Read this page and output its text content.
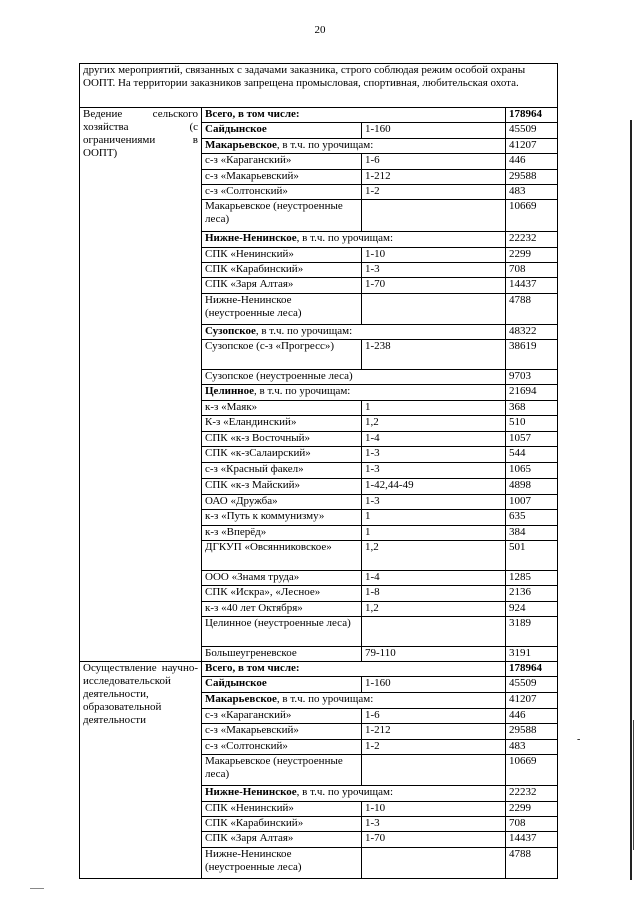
20
других мероприятий, связанных с задачами заказника, строго соблюдая режим особой охраны ООПТ. На территории заказников запрещена промысловая, спортивная, любительская охота.			
Ведение сельского хозяйства (с ограничениями в ООПТ)	Всего, в том числе:		178964
	Сайдынское	1-160	45509
	Макарьевское, в т.ч. по урочищам:		41207
	с-з «Караганский»	1-6	446
	с-з «Макарьевский»	1-212	29588
	с-з «Солтонский»	1-2	483
	Макарьевское (неустроенные леса)		10669
	Нижне-Ненинское, в т.ч. по урочищам:		22232
	СПК «Ненинский»	1-10	2299
	СПК «Карабинский»	1-3	708
	СПК «Заря Алтая»	1-70	14437
	Нижне-Ненинское (неустроенные леса)		4788
	Сузопское, в т.ч. по урочищам:		48322
	Сузопское (с-з «Прогресс»)	1-238	38619
	Сузопское (неустроенные леса)		9703
	Целинное, в т.ч. по урочищам:		21694
	к-з «Маяк»	1	368
	К-з «Еландинский»	1,2	510
	СПК «к-з Восточный»	1-4	1057
	СПК «к-зСалаирский»	1-3	544
	с-з «Красный факел»	1-3	1065
	СПК «к-з Майский»	1-42,44-49	4898
	ОАО «Дружба»	1-3	1007
	к-з «Путь к коммунизму»	1	635
	к-з «Вперёд»	1	384
	ДГКУП «Овсянниковское»	1,2	501
	ООО «Знамя труда»	1-4	1285
	СПК «Искра», «Лесное»	1-8	2136
	к-з «40 лет Октября»	1,2	924
	Целинное (неустроенные леса)		3189
	Большеугреневское	79-110	3191
Осуществление научно-исследовательской деятельности, образовательной деятельности	Всего, в том числе:		178964
	Сайдынское	1-160	45509
	Макарьевское, в т.ч. по урочищам:		41207
	с-з «Караганский»	1-6	446
	с-з «Макарьевский»	1-212	29588
	с-з «Солтонский»	1-2	483
	Макарьевское (неустроенные леса)		10669
	Нижне-Ненинское, в т.ч. по урочищам:		22232
	СПК «Ненинский»	1-10	2299
	СПК «Карабинский»	1-3	708
	СПК «Заря Алтая»	1-70	14437
	Нижне-Ненинское (неустроенные леса)		4788
-
